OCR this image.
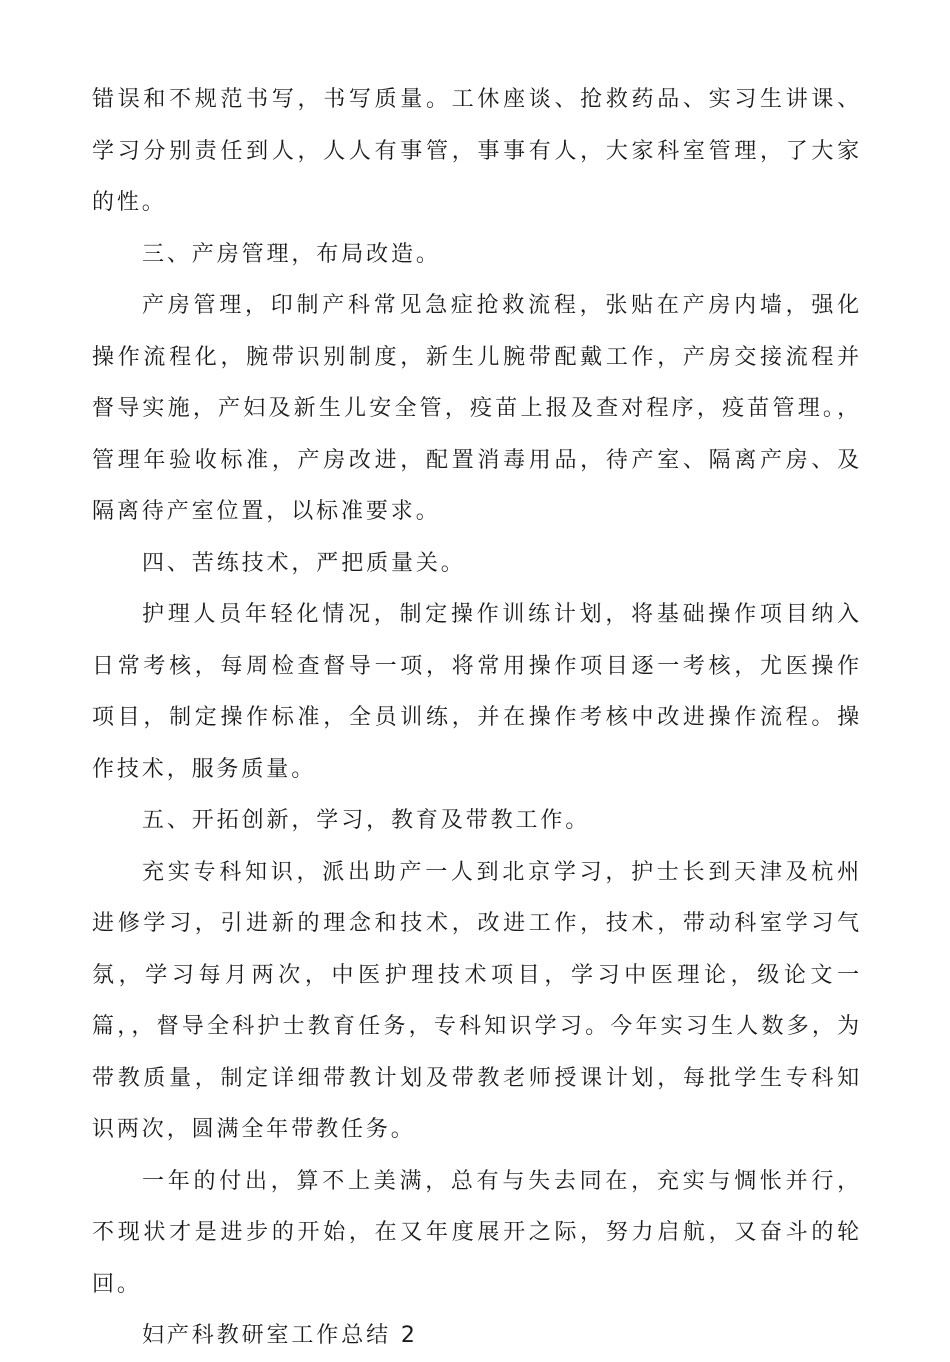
错误和不规范书写，书写质量。工休座谈、抢救药品、实习生讲课、学习分别责任到人，人人有事管，事事有人，大家科室管理，了大家的性。

三、产房管理，布局改造。

产房管理，印制产科常见急症抢救流程，张贴在产房内墙，强化操作流程化，腕带识别制度，新生儿腕带配戴工作，产房交接流程并督导实施，产妇及新生儿安全管，疫苗上报及查对程序，疫苗管理。，管理年验收标准，产房改进，配置消毒用品，待产室、隔离产房、及隔离待产室位置，以标准要求。

四、苦练技术，严把质量关。

护理人员年轻化情况，制定操作训练计划，将基础操作项目纳入日常考核，每周检查督导一项，将常用操作项目逐一考核，尤医操作项目，制定操作标准，全员训练，并在操作考核中改进操作流程。操作技术，服务质量。

五、开拓创新，学习，教育及带教工作。

充实专科知识，派出助产一人到北京学习，护士长到天津及杭州进修学习，引进新的理念和技术，改进工作，技术，带动科室学习气氛，学习每月两次，中医护理技术项目，学习中医理论，级论文一篇，，督导全科护士教育任务，专科知识学习。今年实习生人数多，为带教质量，制定详细带教计划及带教老师授课计划，每批学生专科知识两次，圆满全年带教任务。

一年的付出，算不上美满，总有与失去同在，充实与惆怅并行，不现状才是进步的开始，在又年度展开之际，努力启航，又奋斗的轮回。

妇产科教研室工作总结 2
